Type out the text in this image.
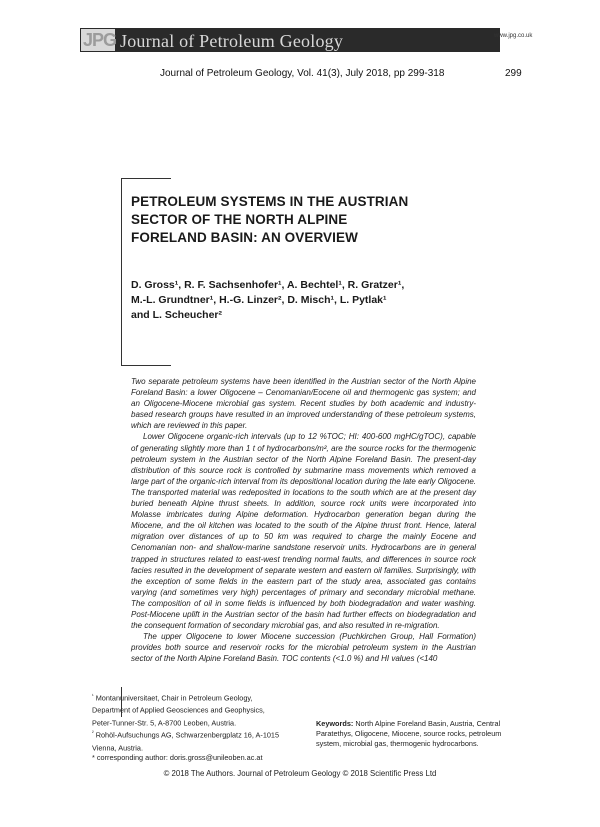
JPG Journal of Petroleum Geology	www.jpg.co.uk
Journal of Petroleum Geology, Vol. 41(3), July 2018, pp 299-318	299
PETROLEUM SYSTEMS IN THE AUSTRIAN
SECTOR OF THE NORTH ALPINE
FORELAND BASIN: AN OVERVIEW
D. Gross¹, R. F. Sachsenhofer¹, A. Bechtel¹, R. Gratzer¹,
M.-L. Grundtner¹, H.-G. Linzer², D. Misch¹, L. Pytlak¹
and L. Scheucher²

Two separate petroleum systems have been identified in the Austrian sector of the North Alpine Foreland Basin: a lower Oligocene – Cenomanian/Eocene oil and thermogenic gas system; and an Oligocene-Miocene microbial gas system. Recent studies by both academic and industry-based research groups have resulted in an improved understanding of these petroleum systems, which are reviewed in this paper.

Lower Oligocene organic-rich intervals (up to 12 %TOC; HI: 400-600 mgHC/gTOC), capable of generating slightly more than 1 t of hydrocarbons/m², are the source rocks for the thermogenic petroleum system in the Austrian sector of the North Alpine Foreland Basin. The present-day distribution of this source rock is controlled by submarine mass movements which removed a large part of the organic-rich interval from its depositional location during the late early Oligocene. The transported material was redeposited in locations to the south which are at the present day buried beneath Alpine thrust sheets. In addition, source rock units were incorporated into Molasse imbricates during Alpine deformation. Hydrocarbon generation began during the Miocene, and the oil kitchen was located to the south of the Alpine thrust front. Hence, lateral migration over distances of up to 50 km was required to charge the mainly Eocene and Cenomanian non- and shallow-marine sandstone reservoir units. Hydrocarbons are in general trapped in structures related to east-west trending normal faults, and differences in source rock facies resulted in the development of separate western and eastern oil families. Surprisingly, with the exception of some fields in the eastern part of the study area, associated gas contains varying (and sometimes very high) percentages of primary and secondary microbial methane. The composition of oil in some fields is influenced by both biodegradation and water washing. Post-Miocene uplift in the Austrian sector of the basin had further effects on biodegradation and the consequent formation of secondary microbial gas, and also resulted in re-migration.

The upper Oligocene to lower Miocene succession (Puchkirchen Group, Hall Formation) provides both source and reservoir rocks for the microbial petroleum system in the Austrian sector of the North Alpine Foreland Basin. TOC contents (<1.0 %) and HI values (<140

$^{^1}$ Montanuniversitaet, Chair in Petroleum Geology,
Department of Applied Geosciences and Geophysics,
Peter-Tunner-Str. 5, A-8700 Leoben, Austria.
$^{^2}$ Rohöl-Aufsuchungs AG, Schwarzenbergplatz 16, A-1015
Vienna, Austria.
* corresponding author: doris.gross@unileoben.ac.at
Keywords: North Alpine Foreland Basin, Austria, Central Paratethys, Oligocene, Miocene, source rocks, petroleum system, microbial gas, thermogenic hydrocarbons.
© 2018 The Authors. Journal of Petroleum Geology © 2018 Scientific Press Ltd
